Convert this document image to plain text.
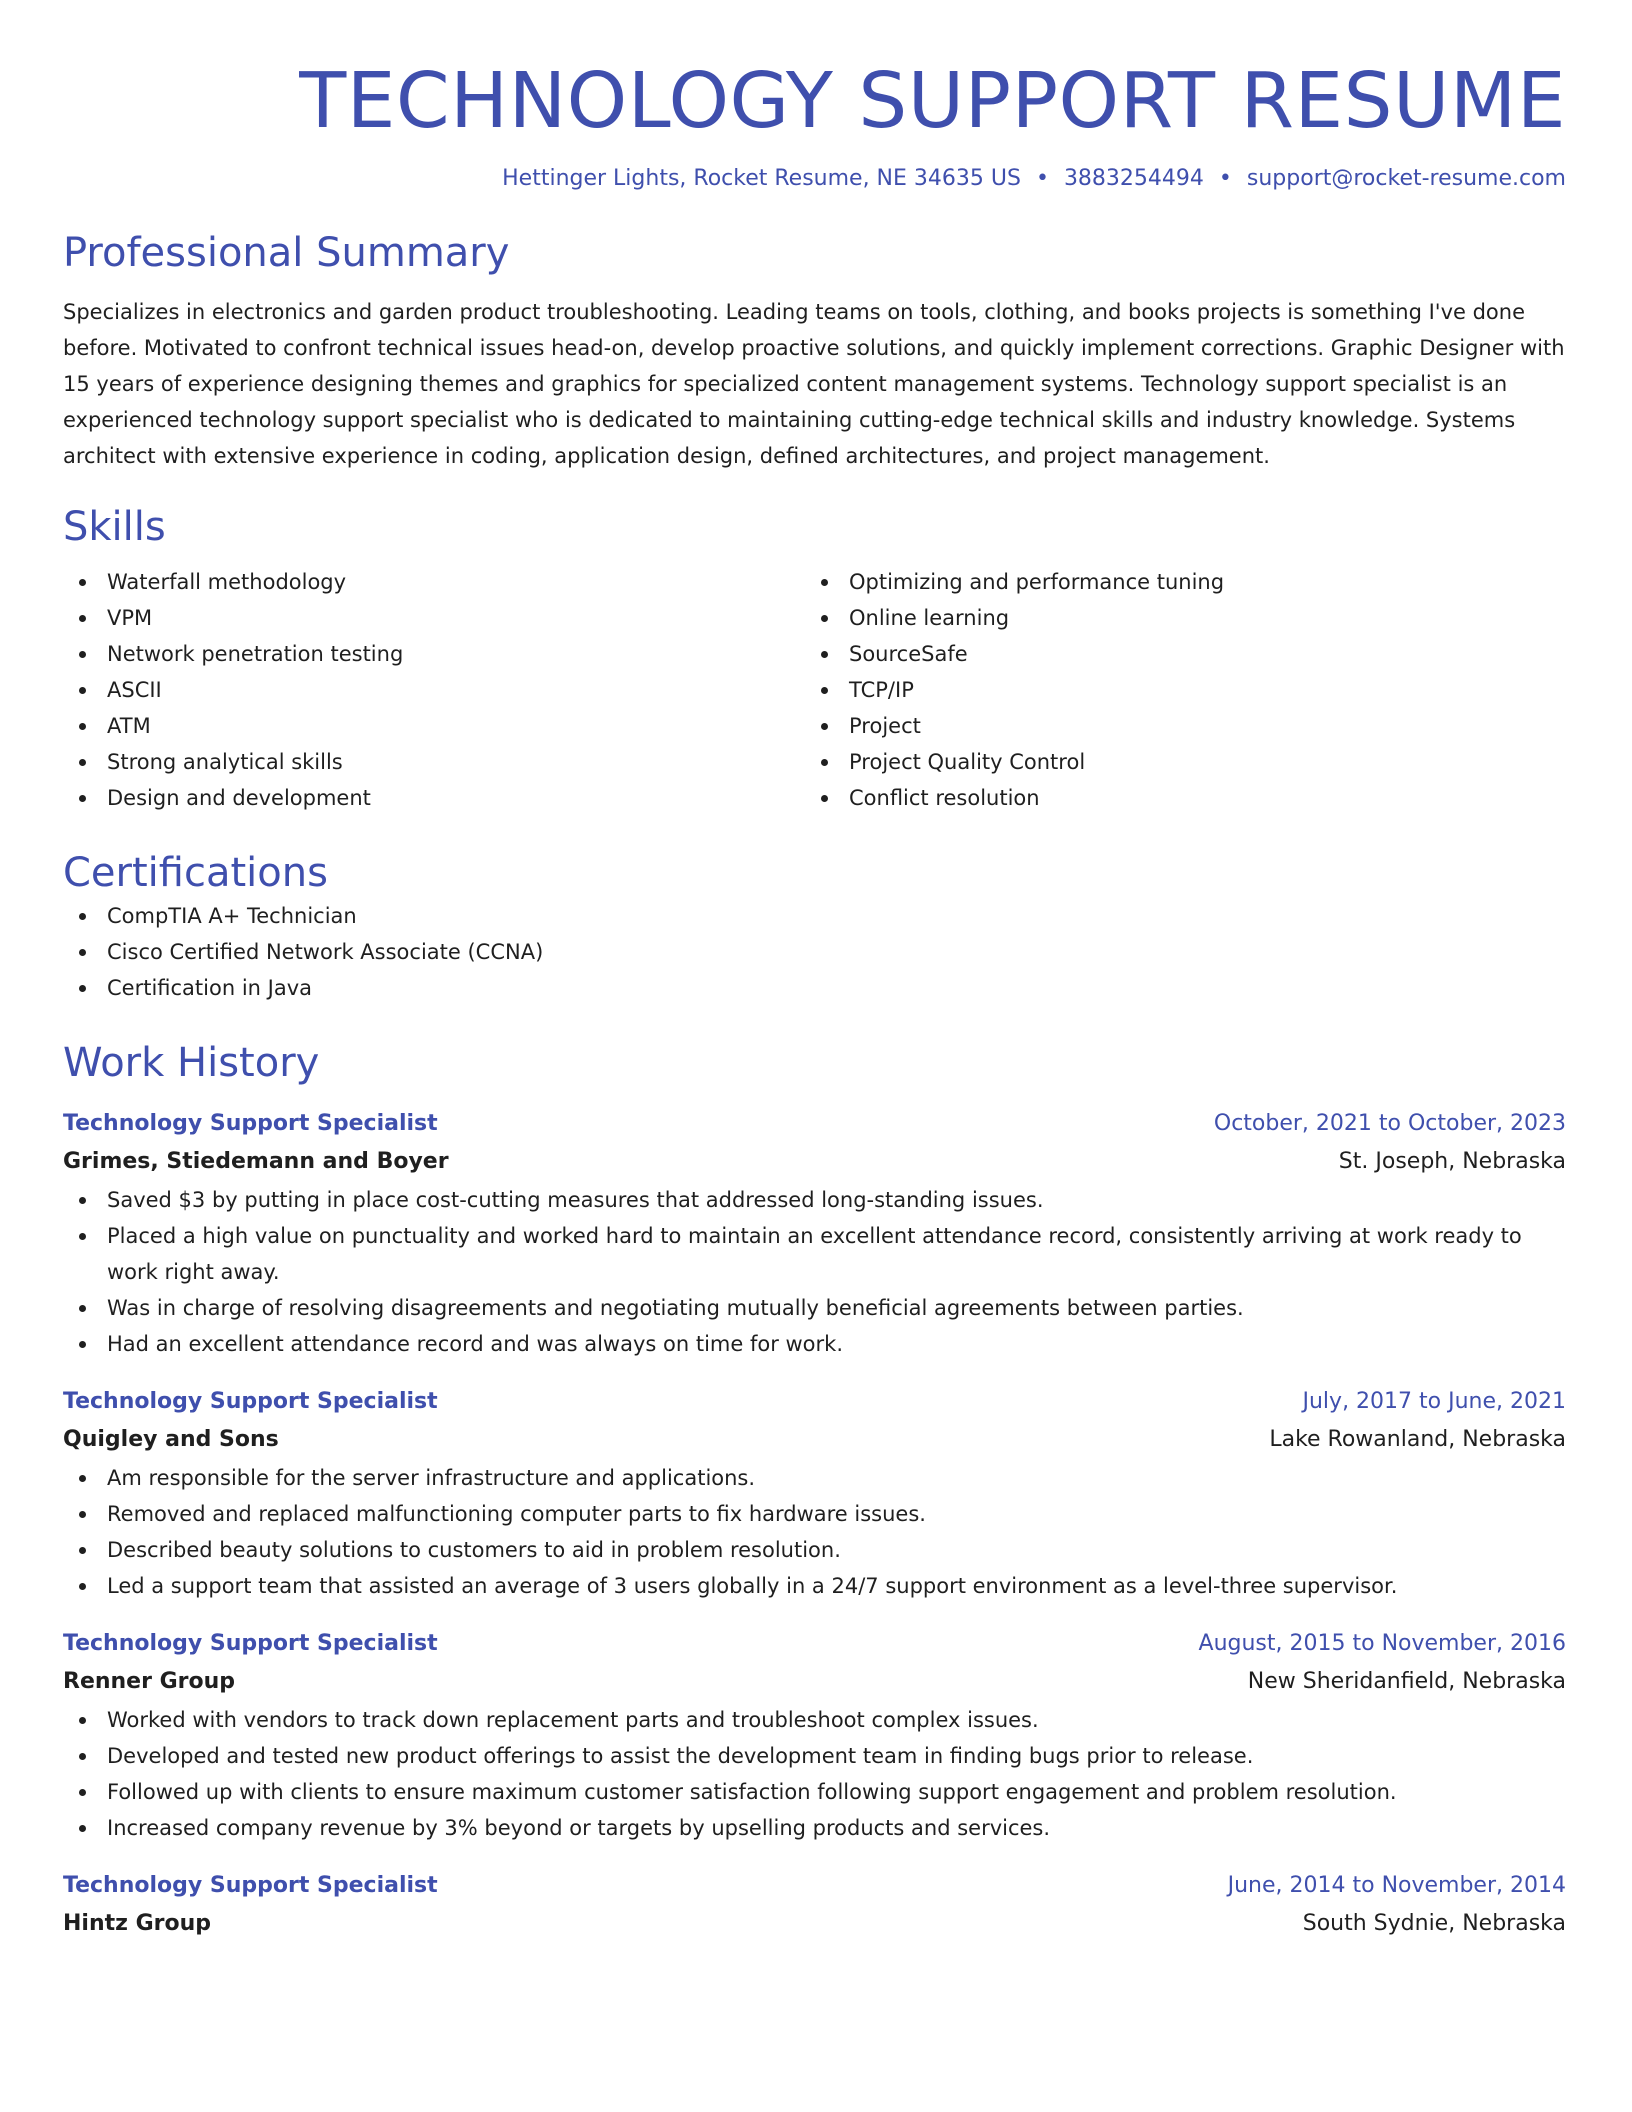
TECHNOLOGY SUPPORT RESUME
Hettinger Lights, Rocket Resume, NE 34635 US • 3883254494 • support@rocket-resume.com
Professional Summary

Specializes in electronics and garden product troubleshooting. Leading teams on tools, clothing, and books projects is something I've done before. Motivated to confront technical issues head-on, develop proactive solutions, and quickly implement corrections. Graphic Designer with 15 years of experience designing themes and graphics for specialized content management systems. Technology support specialist is an experienced technology support specialist who is dedicated to maintaining cutting-edge technical skills and industry knowledge. Systems architect with extensive experience in coding, application design, defined architectures, and project management.

Skills
Waterfall methodology
VPM
Network penetration testing
ASCII
ATM
Strong analytical skills
Design and development
Optimizing and performance tuning
Online learning
SourceSafe
TCP/IP
Project
Project Quality Control
Conflict resolution
Certifications
CompTIA A+ Technician
Cisco Certified Network Associate (CCNA)
Certification in Java
Work History
Technology Support Specialist	October, 2021 to October, 2023
Grimes, Stiedemann and Boyer	St. Joseph, Nebraska
Saved $3 by putting in place cost-cutting measures that addressed long-standing issues.
Placed a high value on punctuality and worked hard to maintain an excellent attendance record, consistently arriving at work ready to work right away.
Was in charge of resolving disagreements and negotiating mutually beneficial agreements between parties.
Had an excellent attendance record and was always on time for work.
Technology Support Specialist	July, 2017 to June, 2021
Quigley and Sons	Lake Rowanland, Nebraska
Am responsible for the server infrastructure and applications.
Removed and replaced malfunctioning computer parts to fix hardware issues.
Described beauty solutions to customers to aid in problem resolution.
Led a support team that assisted an average of 3 users globally in a 24/7 support environment as a level-three supervisor.
Technology Support Specialist	August, 2015 to November, 2016
Renner Group	New Sheridanfield, Nebraska
Worked with vendors to track down replacement parts and troubleshoot complex issues.
Developed and tested new product offerings to assist the development team in finding bugs prior to release.
Followed up with clients to ensure maximum customer satisfaction following support engagement and problem resolution.
Increased company revenue by 3% beyond or targets by upselling products and services.
Technology Support Specialist	June, 2014 to November, 2014
Hintz Group	South Sydnie, Nebraska
